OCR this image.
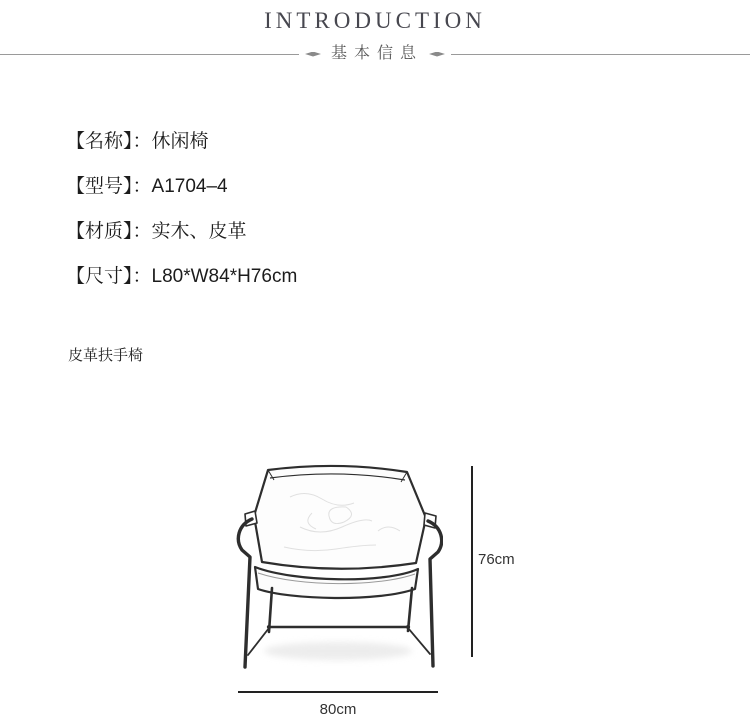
INTRODUCTION
基本信息
【名称】：休闲椅
【型号】：A1704–4
【材质】：实木、皮革
【尺寸】：L80*W84*H76cm
皮革扶手椅
76cm
80cm
